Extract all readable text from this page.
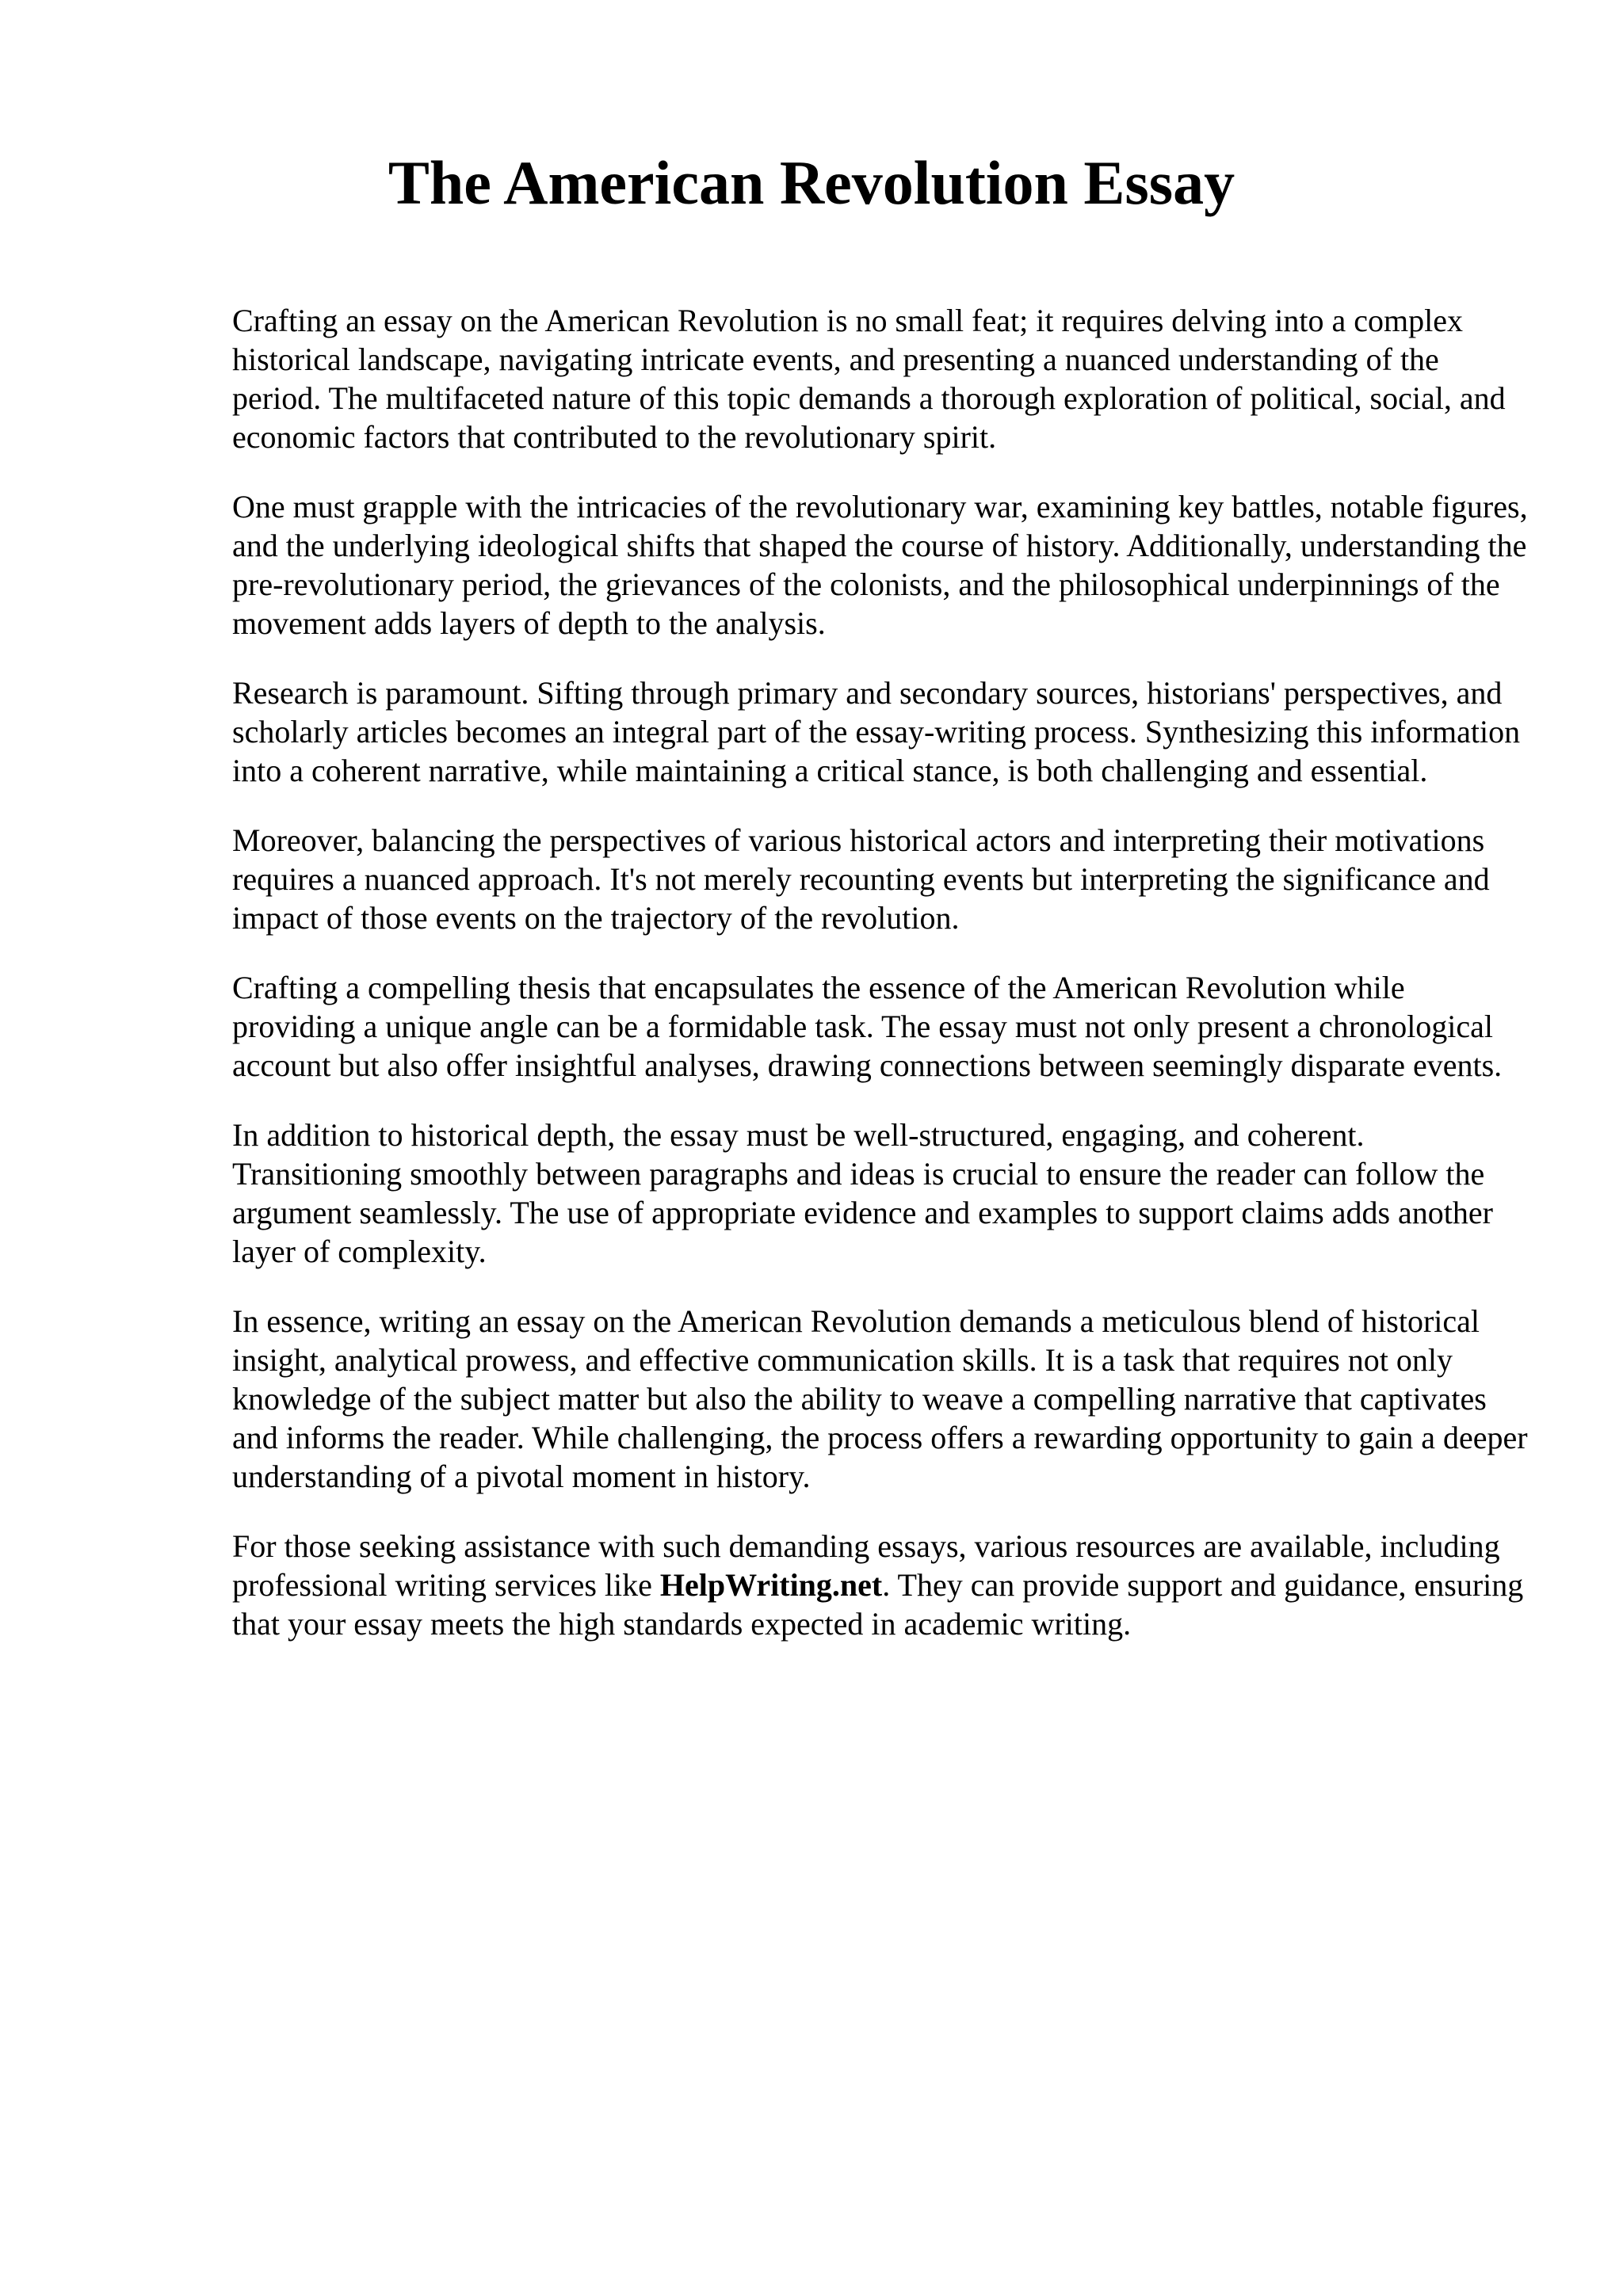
The American Revolution Essay

Crafting an essay on the American Revolution is no small feat; it requires delving into a complex historical landscape, navigating intricate events, and presenting a nuanced understanding of the period. The multifaceted nature of this topic demands a thorough exploration of political, social, and economic factors that contributed to the revolutionary spirit.

One must grapple with the intricacies of the revolutionary war, examining key battles, notable figures, and the underlying ideological shifts that shaped the course of history. Additionally, understanding the pre-revolutionary period, the grievances of the colonists, and the philosophical underpinnings of the movement adds layers of depth to the analysis.

Research is paramount. Sifting through primary and secondary sources, historians' perspectives, and scholarly articles becomes an integral part of the essay-writing process. Synthesizing this information into a coherent narrative, while maintaining a critical stance, is both challenging and essential.

Moreover, balancing the perspectives of various historical actors and interpreting their motivations requires a nuanced approach. It's not merely recounting events but interpreting the significance and impact of those events on the trajectory of the revolution.

Crafting a compelling thesis that encapsulates the essence of the American Revolution while providing a unique angle can be a formidable task. The essay must not only present a chronological account but also offer insightful analyses, drawing connections between seemingly disparate events.

In addition to historical depth, the essay must be well-structured, engaging, and coherent. Transitioning smoothly between paragraphs and ideas is crucial to ensure the reader can follow the argument seamlessly. The use of appropriate evidence and examples to support claims adds another layer of complexity.

In essence, writing an essay on the American Revolution demands a meticulous blend of historical insight, analytical prowess, and effective communication skills. It is a task that requires not only knowledge of the subject matter but also the ability to weave a compelling narrative that captivates and informs the reader. While challenging, the process offers a rewarding opportunity to gain a deeper understanding of a pivotal moment in history.

For those seeking assistance with such demanding essays, various resources are available, including professional writing services like HelpWriting.net. They can provide support and guidance, ensuring that your essay meets the high standards expected in academic writing.
